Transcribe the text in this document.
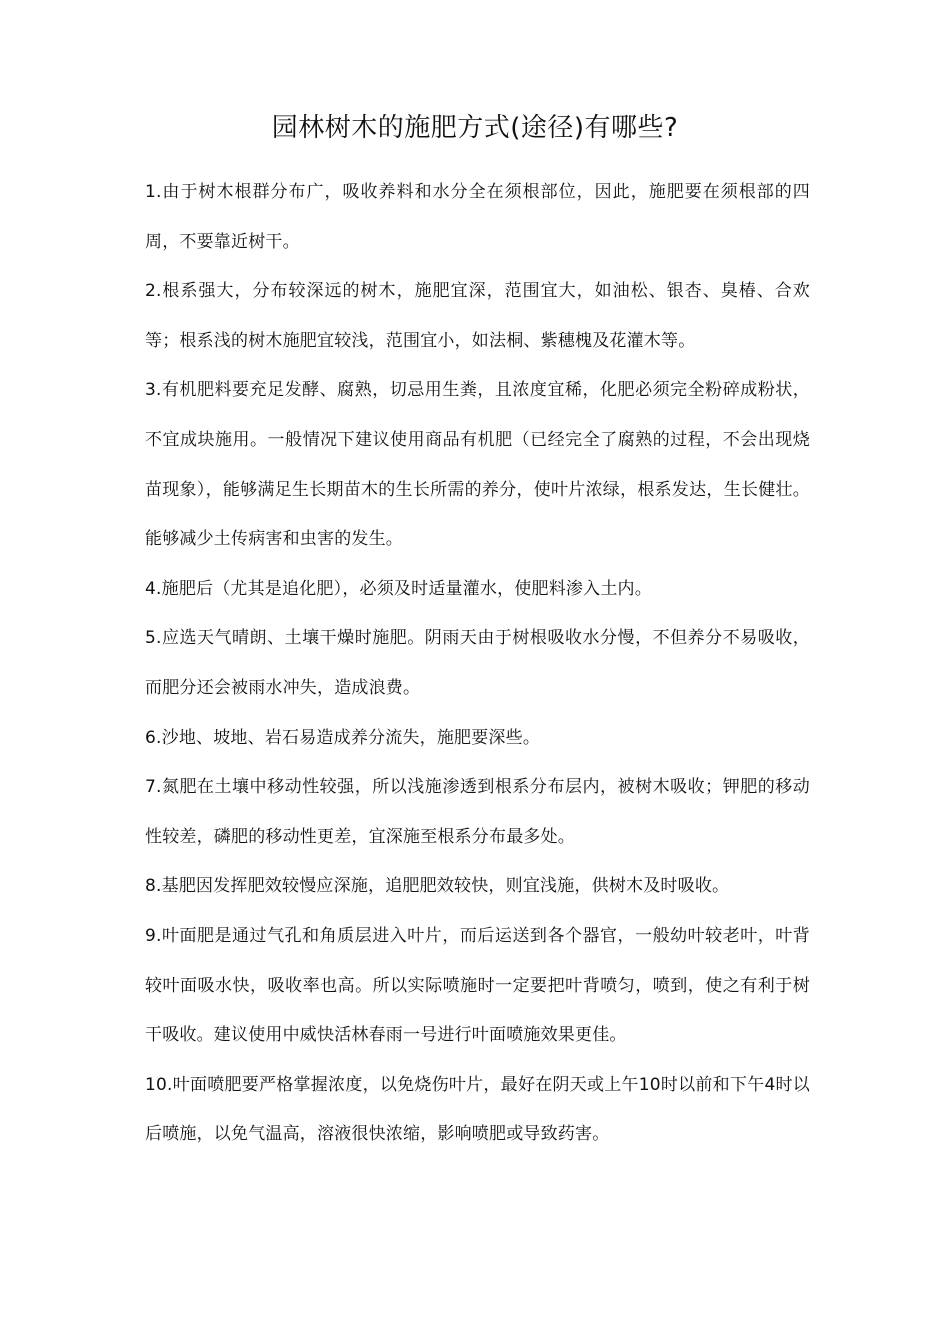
园林树木的施肥方式(途径)有哪些?

1.由于树木根群分布广，吸收养料和水分全在须根部位，因此，施肥要在须根部的四周，不要靠近树干。

2.根系强大，分布较深远的树木，施肥宜深，范围宜大，如油松、银杏、臭椿、合欢等；根系浅的树木施肥宜较浅，范围宜小，如法桐、紫穗槐及花灌木等。

3.有机肥料要充足发酵、腐熟，切忌用生粪，且浓度宜稀，化肥必须完全粉碎成粉状，不宜成块施用。一般情况下建议使用商品有机肥（已经完全了腐熟的过程，不会出现烧苗现象），能够满足生长期苗木的生长所需的养分，使叶片浓绿，根系发达，生长健壮。能够减少土传病害和虫害的发生。

4.施肥后（尤其是追化肥），必须及时适量灌水，使肥料渗入土内。

5.应选天气晴朗、土壤干燥时施肥。阴雨天由于树根吸收水分慢，不但养分不易吸收，而肥分还会被雨水冲失，造成浪费。

6.沙地、坡地、岩石易造成养分流失，施肥要深些。

7.氮肥在土壤中移动性较强，所以浅施渗透到根系分布层内，被树木吸收；钾肥的移动性较差，磷肥的移动性更差，宜深施至根系分布最多处。

8.基肥因发挥肥效较慢应深施，追肥肥效较快，则宜浅施，供树木及时吸收。

9.叶面肥是通过气孔和角质层进入叶片，而后运送到各个器官，一般幼叶较老叶，叶背较叶面吸水快，吸收率也高。所以实际喷施时一定要把叶背喷匀，喷到，使之有利于树干吸收。建议使用中威快活林春雨一号进行叶面喷施效果更佳。

10.叶面喷肥要严格掌握浓度，以免烧伤叶片，最好在阴天或上午10时以前和下午4时以后喷施，以免气温高，溶液很快浓缩，影响喷肥或导致药害。
